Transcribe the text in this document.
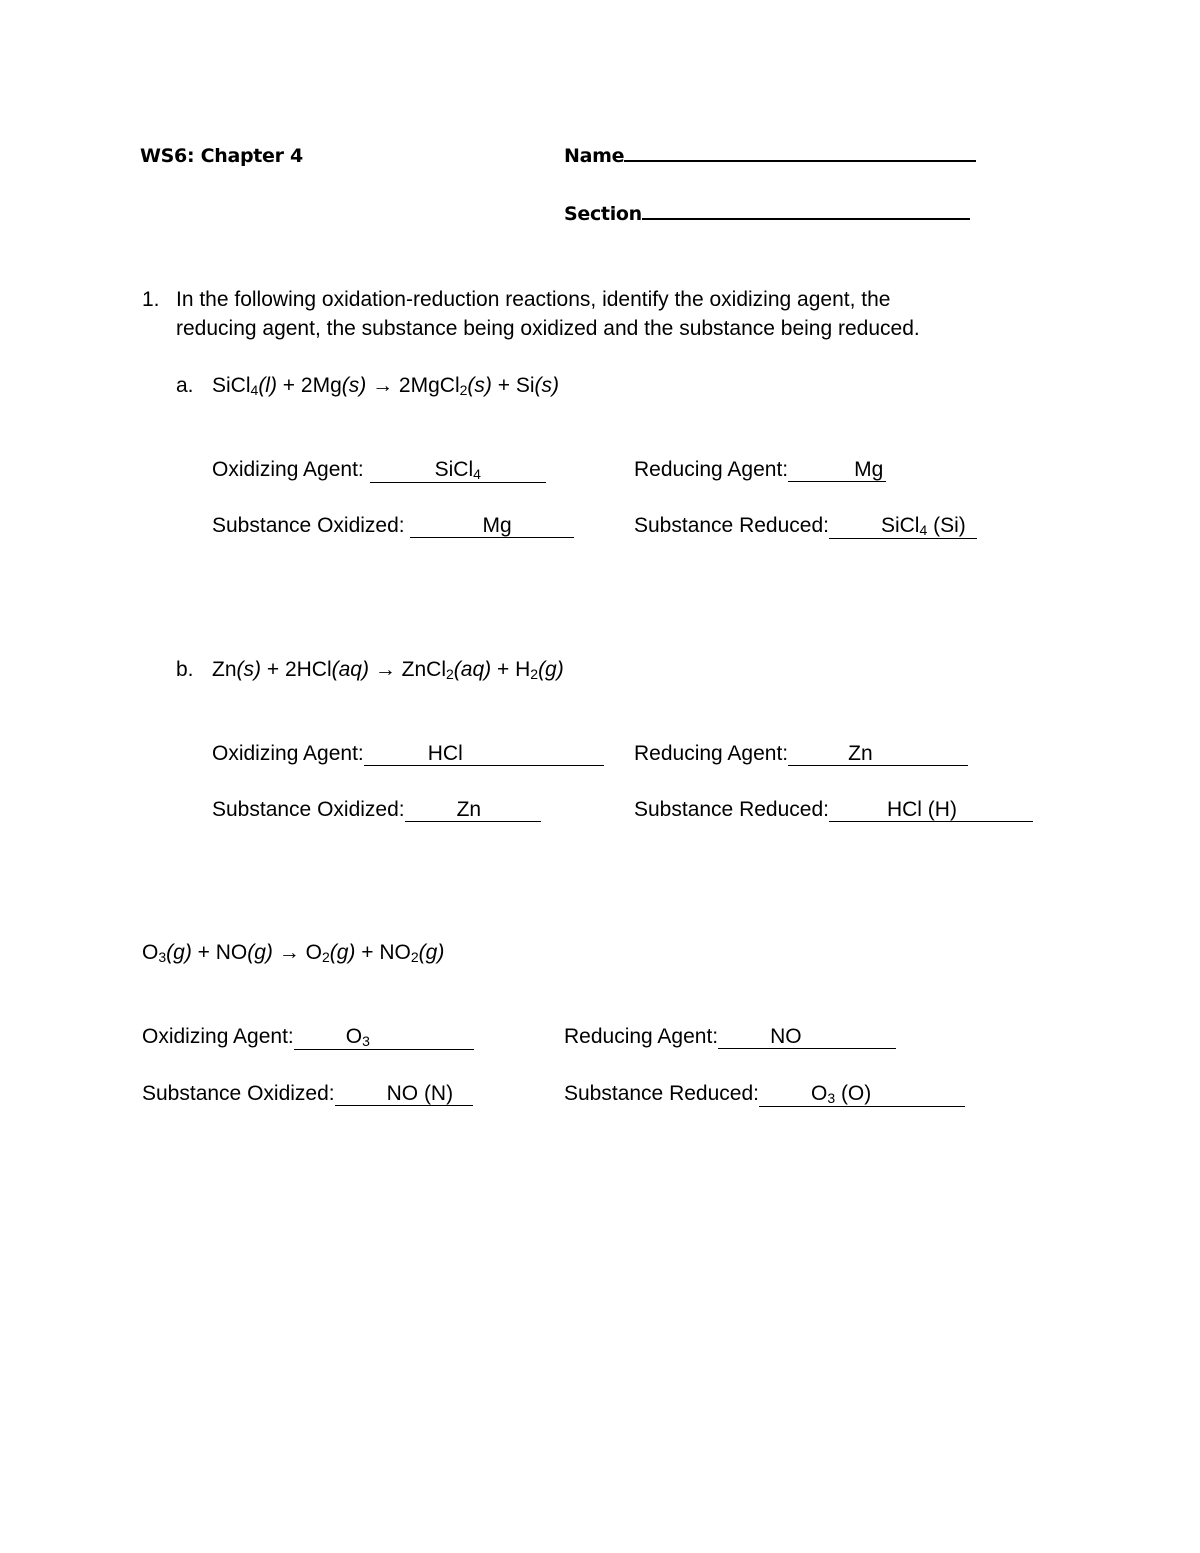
WS6: Chapter 4	Name
Section
1. In the following oxidation-reduction reactions, identify the oxidizing agent, the
reducing agent, the substance being oxidized and the substance being reduced.
a. SiCl4(l) + 2Mg(s) → 2MgCl2(s) + Si(s)
Oxidizing Agent:	SiCl4	Reducing Agent:	Mg
Substance Oxidized:	Mg	Substance Reduced: SiCl4 (Si)
b. Zn(s) + 2HCl(aq) → ZnCl2(aq) + H2(g)
Oxidizing Agent:	HCl	Reducing Agent:	Zn
Substance Oxidized: Zn	Substance Reduced:	HCl (H)
O3(g) + NO(g) → O2(g) + NO2(g)
Oxidizing Agent: O3	Reducing Agent: NO
Substance Oxidized: NO (N)	Substance Reduced: O3 (O)
